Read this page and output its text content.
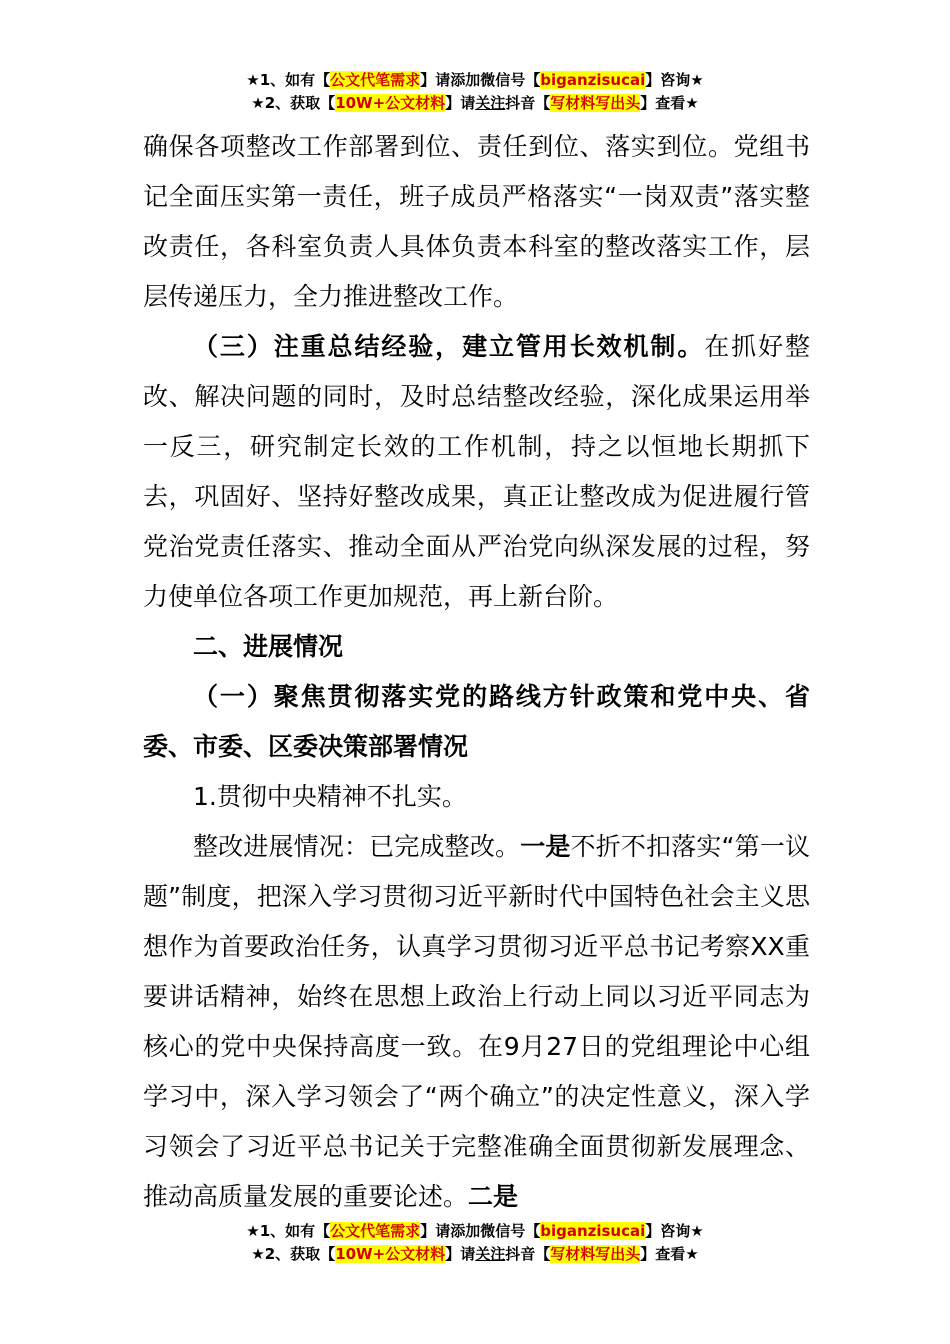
★1、如有【公文代笔需求】请添加微信号【biganzisucai】咨询★
★2、获取【10W+公文材料】请关注抖音【写材料写出头】查看★

确保各项整改工作部署到位、责任到位、落实到位。党组书记全面压实第一责任，班子成员严格落实“一岗双责”落实整改责任，各科室负责人具体负责本科室的整改落实工作，层层传递压力，全力推进整改工作。

（三）注重总结经验，建立管用长效机制。在抓好整改、解决问题的同时，及时总结整改经验，深化成果运用举一反三，研究制定长效的工作机制，持之以恒地长期抓下去，巩固好、坚持好整改成果，真正让整改成为促进履行管党治党责任落实、推动全面从严治党向纵深发展的过程，努力使单位各项工作更加规范，再上新台阶。

二、进展情况

（一）聚焦贯彻落实党的路线方针政策和党中央、省委、市委、区委决策部署情况

1.贯彻中央精神不扎实。

整改进展情况：已完成整改。一是不折不扣落实“第一议题”制度，把深入学习贯彻习近平新时代中国特色社会主义思想作为首要政治任务，认真学习贯彻习近平总书记考察XX重要讲话精神，始终在思想上政治上行动上同以习近平同志为核心的党中央保持高度一致。在9月27日的党组理论中心组学习中，深入学习领会了“两个确立”的决定性意义，深入学习领会了习近平总书记关于完整准确全面贯彻新发展理念、推动高质量发展的重要论述。二是

★1、如有【公文代笔需求】请添加微信号【biganzisucai】咨询★
★2、获取【10W+公文材料】请关注抖音【写材料写出头】查看★
